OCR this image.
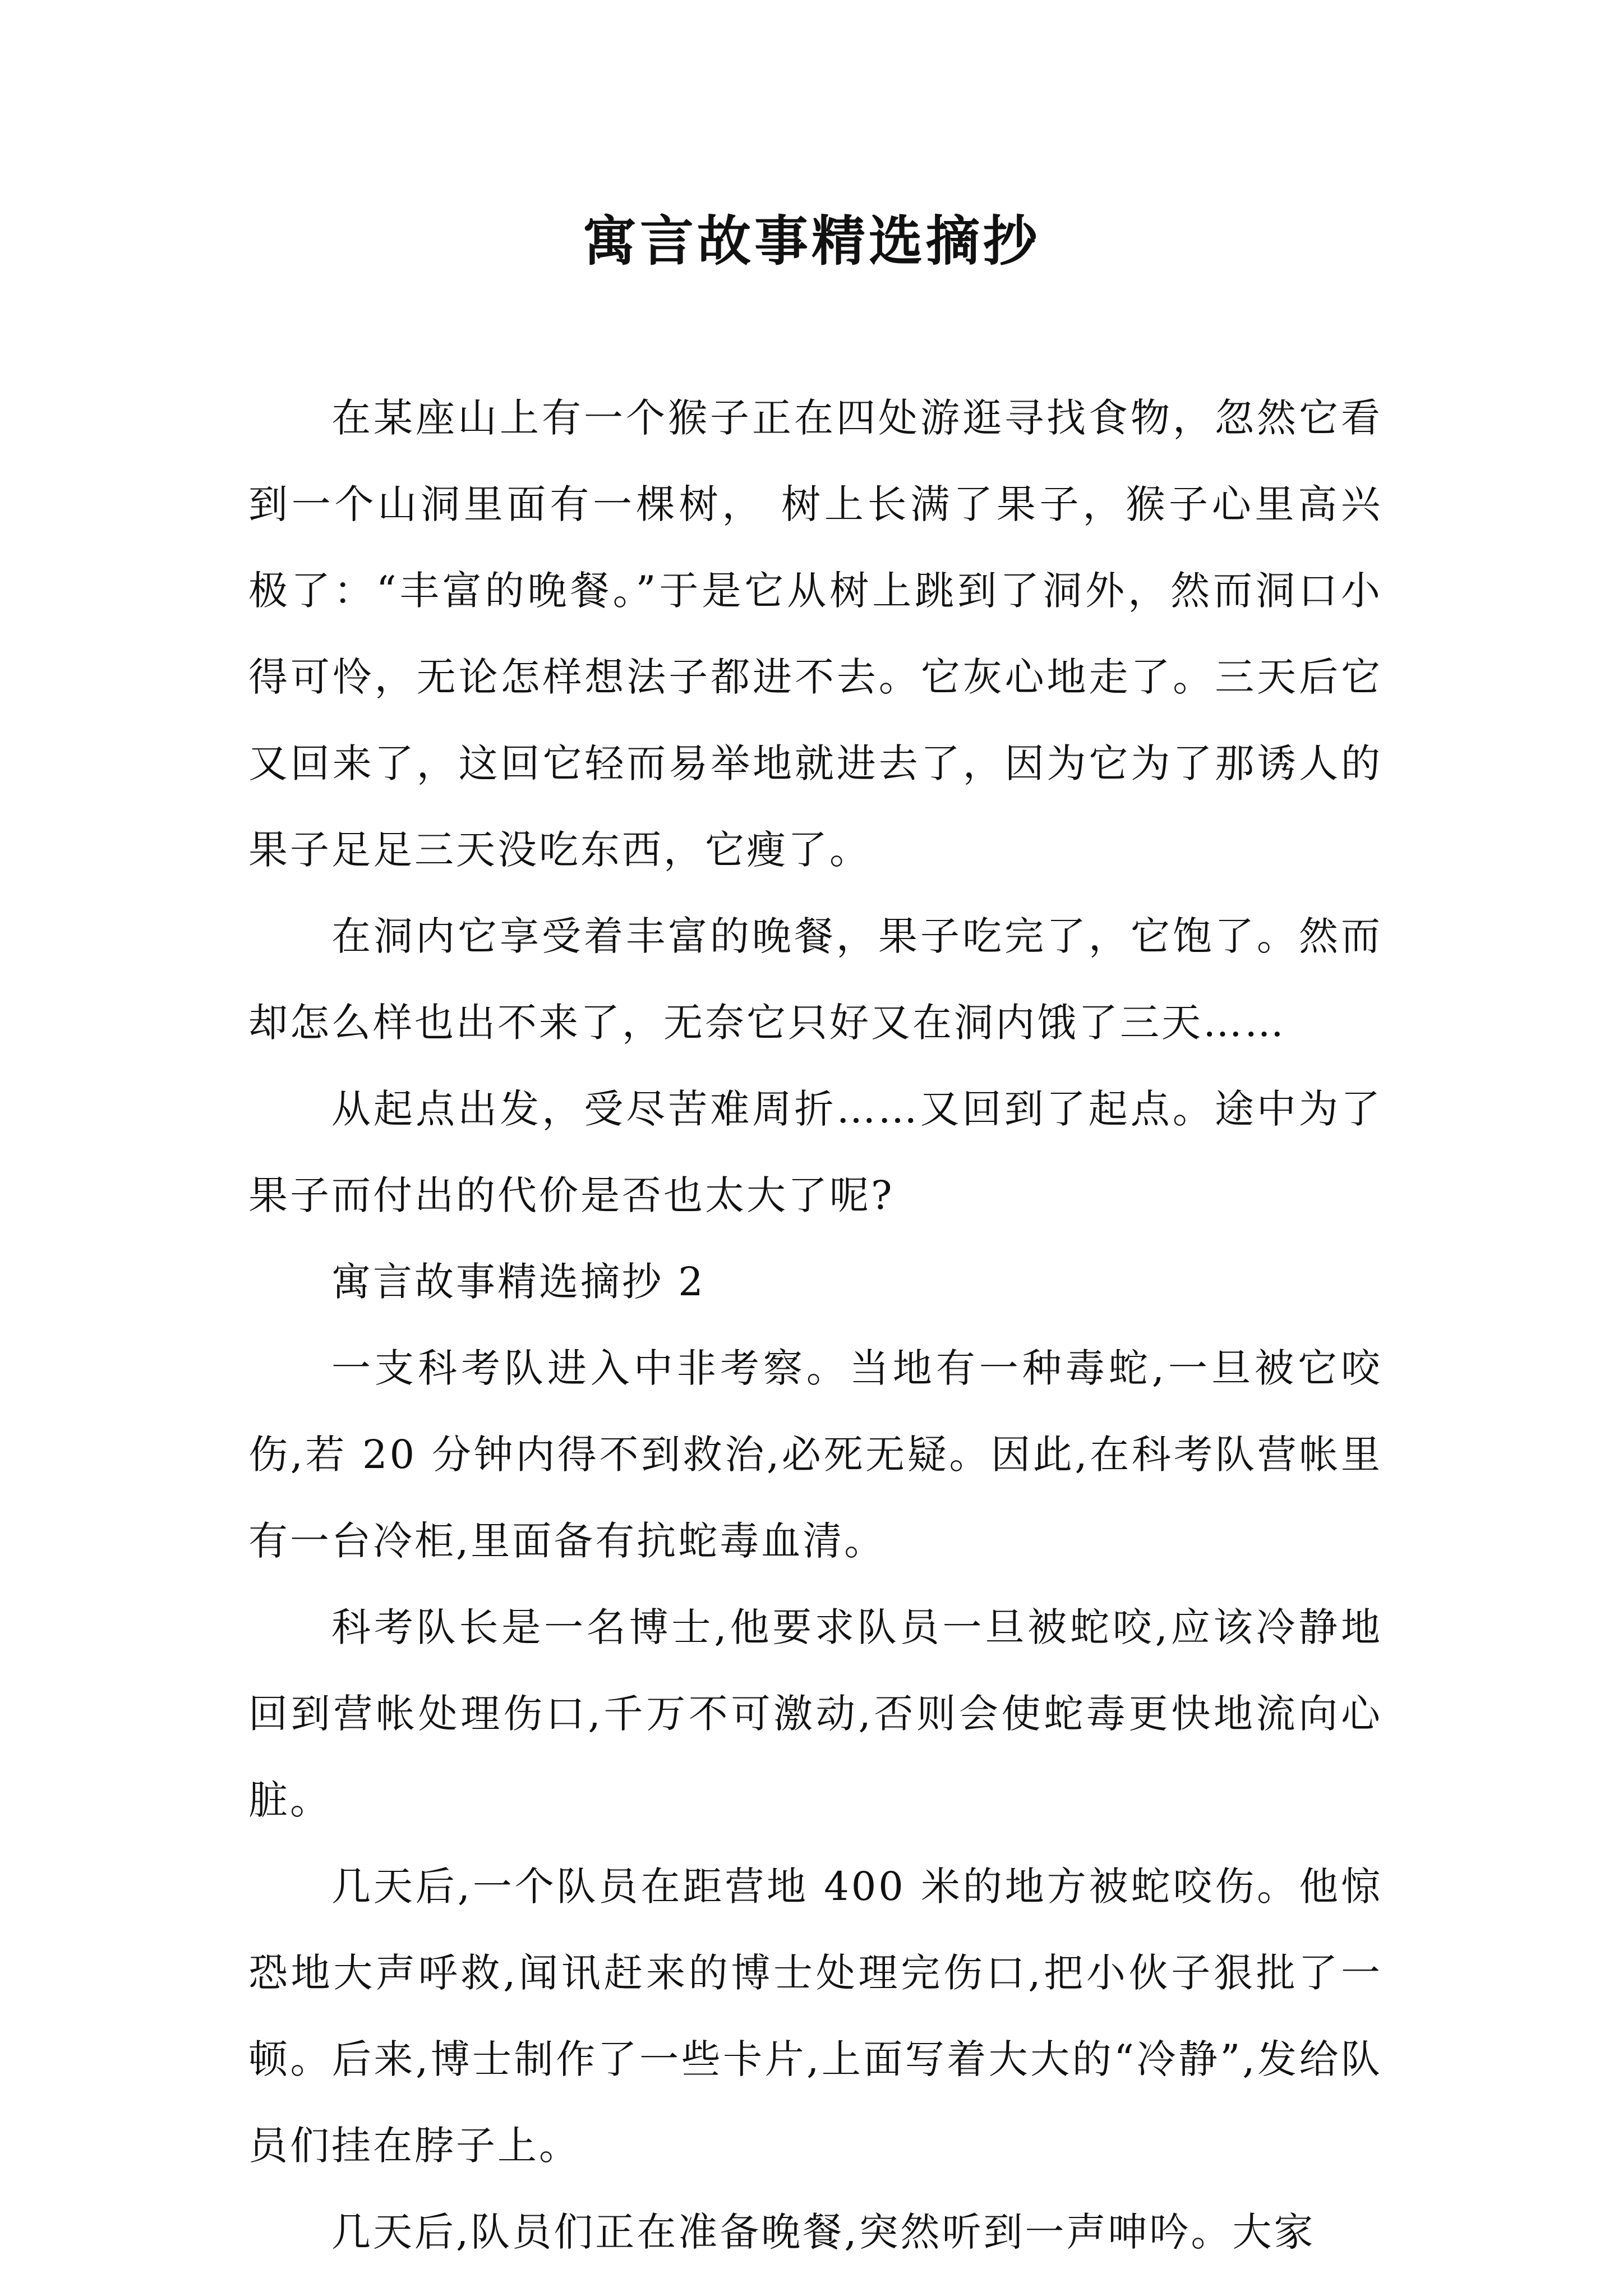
寓言故事精选摘抄

在某座山上有一个猴子正在四处游逛寻找食物，忽然它看到一个山洞里面有一棵树， 树上长满了果子，猴子心里高兴极了：“丰富的晚餐。”于是它从树上跳到了洞外，然而洞口小得可怜，无论怎样想法子都进不去。它灰心地走了。三天后它又回来了，这回它轻而易举地就进去了，因为它为了那诱人的果子足足三天没吃东西，它瘦了。

在洞内它享受着丰富的晚餐，果子吃完了，它饱了。然而却怎么样也出不来了，无奈它只好又在洞内饿了三天……

从起点出发，受尽苦难周折……又回到了起点。途中为了果子而付出的代价是否也太大了呢?

寓言故事精选摘抄 2

一支科考队进入中非考察。当地有一种毒蛇,一旦被它咬伤,若 20 分钟内得不到救治,必死无疑。因此,在科考队营帐里有一台冷柜,里面备有抗蛇毒血清。

科考队长是一名博士,他要求队员一旦被蛇咬,应该冷静地回到营帐处理伤口,千万不可激动,否则会使蛇毒更快地流向心脏。

几天后,一个队员在距营地 400 米的地方被蛇咬伤。他惊恐地大声呼救,闻讯赶来的博士处理完伤口,把小伙子狠批了一顿。后来,博士制作了一些卡片,上面写着大大的“冷静”,发给队员们挂在脖子上。

几天后,队员们正在准备晚餐,突然听到一声呻吟。大家
